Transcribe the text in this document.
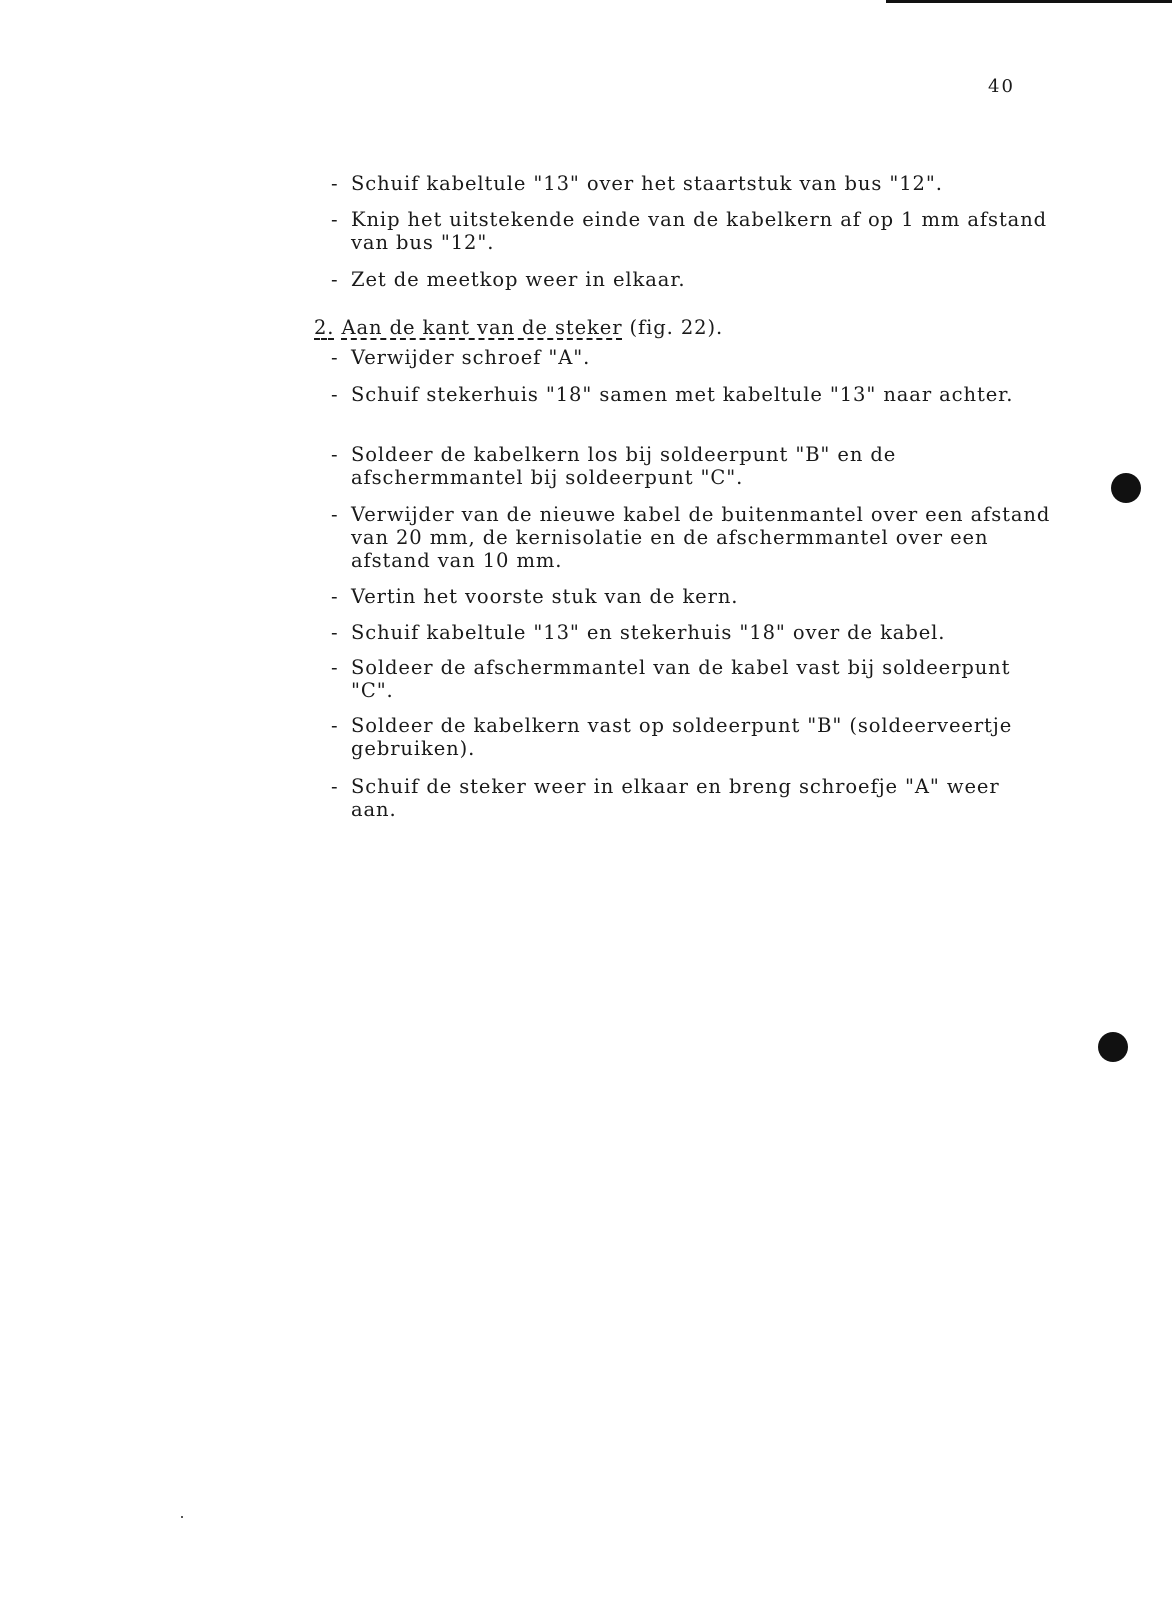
40
- Schuif kabeltule "13" over het staartstuk van bus "12".
- Knip het uitstekende einde van de kabelkern af op 1 mm afstand van bus "12".
- Zet de meetkop weer in elkaar.
2. Aan de kant van de steker (fig. 22).
- Verwijder schroef "A".
- Schuif stekerhuis "18" samen met kabeltule "13" naar achter.
- Soldeer de kabelkern los bij soldeerpunt "B" en de afschermmantel bij soldeerpunt "C".
- Verwijder van de nieuwe kabel de buitenmantel over een afstand van 20 mm, de kernisolatie en de afschermmantel over een afstand van 10 mm.
- Vertin het voorste stuk van de kern.
- Schuif kabeltule "13" en stekerhuis "18" over de kabel.
- Soldeer de afschermmantel van de kabel vast bij soldeerpunt "C".
- Soldeer de kabelkern vast op soldeerpunt "B" (soldeerveertje gebruiken).
- Schuif de steker weer in elkaar en breng schroefje "A" weer aan.
